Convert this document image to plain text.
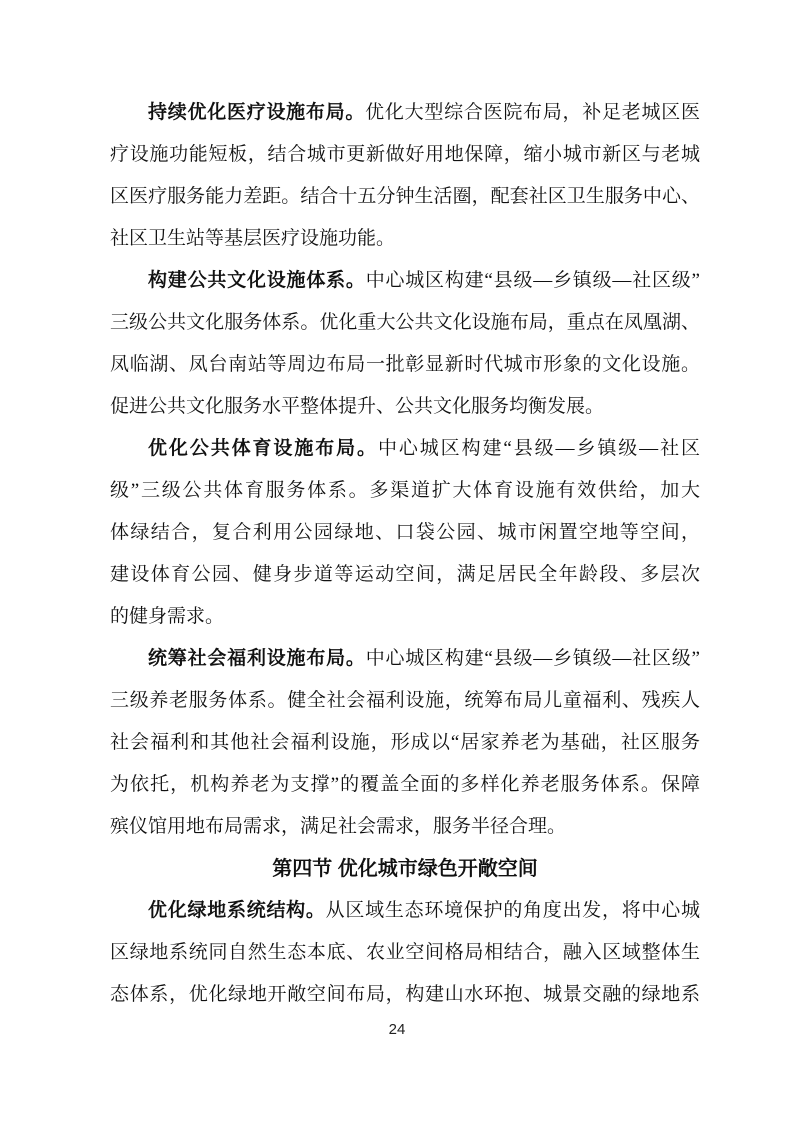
持续优化医疗设施布局。优化大型综合医院布局，补足老城区医
疗设施功能短板，结合城市更新做好用地保障，缩小城市新区与老城
区医疗服务能力差距。结合十五分钟生活圈，配套社区卫生服务中心、
社区卫生站等基层医疗设施功能。
构建公共文化设施体系。中心城区构建“县级—乡镇级—社区级”
三级公共文化服务体系。优化重大公共文化设施布局，重点在凤凰湖、
凤临湖、凤台南站等周边布局一批彰显新时代城市形象的文化设施。
促进公共文化服务水平整体提升、公共文化服务均衡发展。
优化公共体育设施布局。中心城区构建“县级—乡镇级—社区
级”三级公共体育服务体系。多渠道扩大体育设施有效供给，加大
体绿结合，复合利用公园绿地、口袋公园、城市闲置空地等空间，
建设体育公园、健身步道等运动空间，满足居民全年龄段、多层次
的健身需求。
统筹社会福利设施布局。中心城区构建“县级—乡镇级—社区级”
三级养老服务体系。健全社会福利设施，统筹布局儿童福利、残疾人
社会福利和其他社会福利设施，形成以“居家养老为基础，社区服务
为依托，机构养老为支撑”的覆盖全面的多样化养老服务体系。保障
殡仪馆用地布局需求，满足社会需求，服务半径合理。
第四节 优化城市绿色开敞空间
优化绿地系统结构。从区域生态环境保护的角度出发，将中心城
区绿地系统同自然生态本底、农业空间格局相结合，融入区域整体生
态体系，优化绿地开敞空间布局，构建山水环抱、城景交融的绿地系
24
